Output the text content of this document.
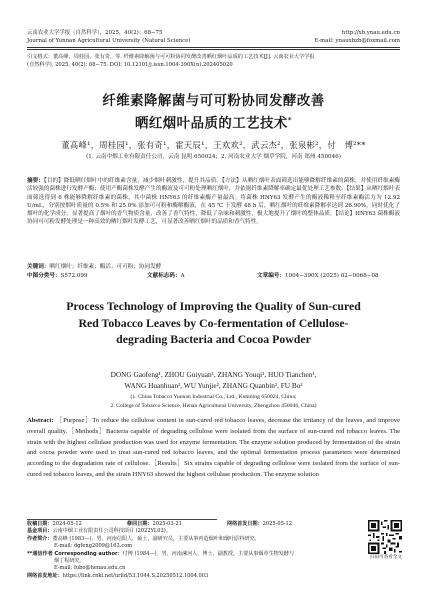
云南农业大学学报（自然科学），2025，40(2)：68−75	http://xb.ynau.edu.cn
Journal of Yunnan Agricultural University (Natural Science)	E-mail: ynauxbzb@foxmail.com
引文格式：董高峰，周桂园，张有奇，等. 纤维素降解菌与可可粉协同发酵改善晒红烟叶品质的工艺技术[J]. 云南农业大学学报
(自然科学), 2025, 40(2): 68−75. DOI: 10.12101/j.issn.1004-390X(n).202405020
纤维素降解菌与可可粉协同发酵改善
晒红烟叶品质的工艺技术*
董高峰¹，周桂园¹，张有奇¹，霍天辰¹，王欢欢²，武云杰²，张泉彬²，付　博²**
(1. 云南中烟工业有限责任公司，云南 昆明 650024；2. 河南农业大学 烟草学院，河南 郑州 450046)
摘要：【目的】降低晒红烟叶中的纤维素含量，减少烟叶刺激性，提升其品质。【方法】从晒红烟叶表面筛选出能够降解纤维素的菌株，并使用纤维素酶活较强的菌株进行发酵产酶；使用产酶菌株发酵产生的酶液及可可粉处理晒红烟叶，并依据纤维素降解率确定最优处理工艺参数。【结果】从晒红烟叶表面筛选得到 6 株能够降解纤维素的菌株，其中菌株 HNY63 的纤维素酶产量最高。将菌株 HNY63 发酵产生的酶液稀释至纤维素酶活力为 12.92 U/mL，分别按烟叶质量的 0.5% 和 25.0% 添加可可粉和酶解酶液，在 45 ℃ 下发酵 48 h 后，晒红烟叶的纤维素降解率达到 26.90%，同时优化了烟叶的化学成分，显著提高了烟叶的香气物质含量，改善了香气特性，降低了杂味和刺激性，极大地提升了烟叶的整体品质。【结论】HNY63 菌株酶液协同可可粉发酵处理是一种高效的晒红烟叶发酵工艺，可显著改善晒红烟叶的品质和香气特性。
关键词：晒红烟叶；纤维素；酶活；可可粉；协同发酵
中图分类号：S572.099	文献标志码：A	文章编号：1004−390X (2025) 02−0068−08
Process Technology of Improving the Quality of Sun-cured
Red Tobacco Leaves by Co-fermentation of Cellulose-
degrading Bacteria and Cocoa Powder
DONG Gaofeng¹, ZHOU Guiyuan¹, ZHANG Youqi¹, HUO Tianchen¹,
WANG Huanhuan², WU Yunjie², ZHANG Quanbin², FU Bo²
(1. China Tobacco Yunnan Industrial Co., Ltd., Kunming 650024, China;
2. College of Tobacco Science, Henan Agricultural University, Zhengzhou 450046, China)
Abstract: ［Purpose］To reduce the cellulose content in sun-cured red tobacco leaves, decrease the irritancy of the leaves, and improve overall quality.［Methods］Bacteria capable of degrading cellulose were isolated from the surface of sun-cured red tobacco leaves. The strain with the highest cellulase production was used for enzyme fermentation. The enzyme solution produced by fermentation of the strain and cocoa powder were used to treat sun-cured red tobacco leaves, and the optimal fermentation process parameters were determined according to the degradation rate of cellulose.［Results］Six strains capable of degrading cellulose were isolated from the surface of sun-cured red tobacco leaves, and the strain HNY63 showed the highest cellulase production. The enzyme solution
收稿日期：2024-05-12	修回日期：2025-03-21	网络首发日期：2025-05-12
基金项目：云南中烟工业有限责任公司科技项目 (2022YL03)。
作者简介：董高峰 (1983—)，男，河南信阳人，硕士，副研究员，主要从事再造烟叶和烟叶原料研究。
E-mail: dgfeng2009@163.com
**通信作者 Corresponding author：付博 (1984—)，男，河南漯河人，博士，副教授，主要从事烟草生物发酵与
烟丁程研究。
E-mail: fubo@henau.edu.cn
网络首发地址：https://link.cnki.net/urlid/53.1044.S.20250512.1004.003
扫码可查看全文
